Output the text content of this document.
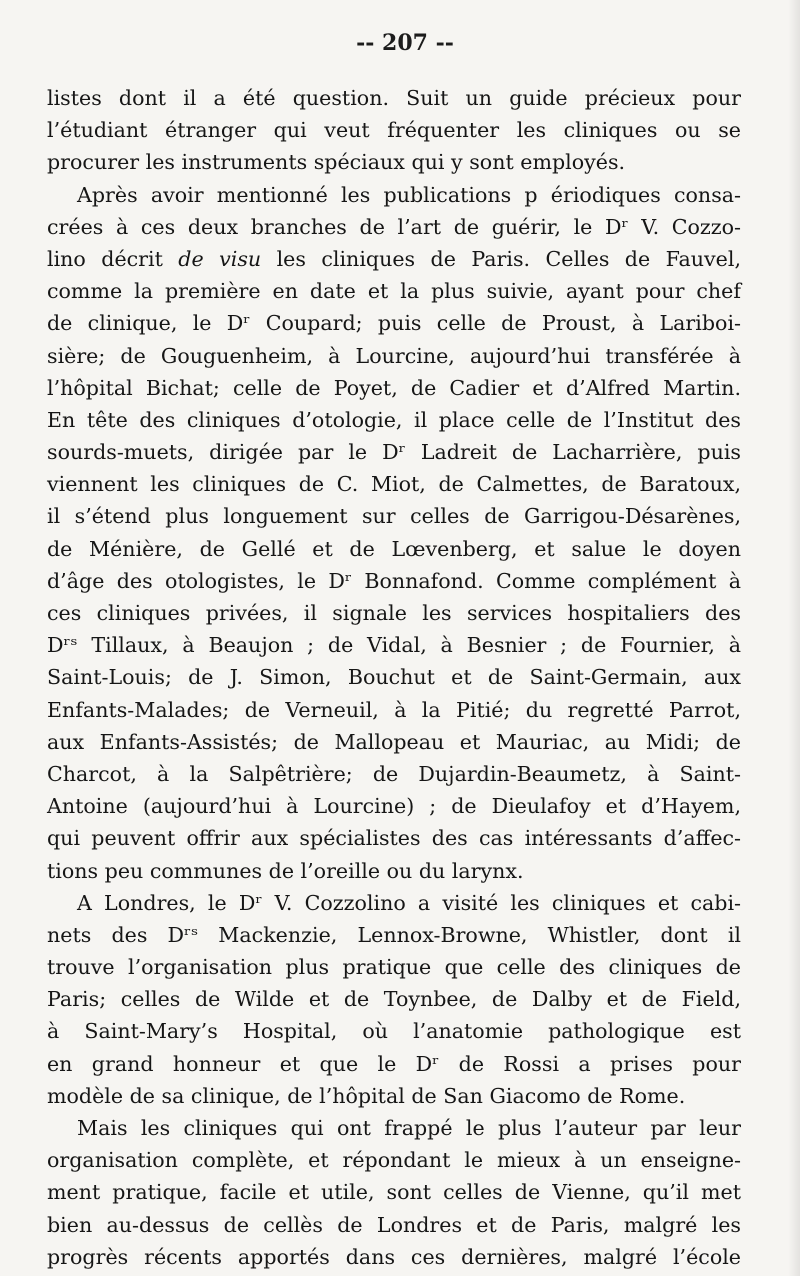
-- 207 --
listes dont il a été question. Suit un guide précieux pour
l’étudiant étranger qui veut fréquenter les cliniques ou se
procurer les instruments spéciaux qui y sont employés.
Après avoir mentionné les publications p ériodiques consa-
crées à ces deux branches de l’art de guérir, le Dʳ V. Cozzo-
lino décrit de visu les cliniques de Paris. Celles de Fauvel,
comme la première en date et la plus suivie, ayant pour chef
de clinique, le Dʳ Coupard; puis celle de Proust, à Lariboi-
sière; de Gouguenheim, à Lourcine, aujourd’hui transférée à
l’hôpital Bichat; celle de Poyet, de Cadier et d’Alfred Martin.
En tête des cliniques d’otologie, il place celle de l’Institut des
sourds-muets, dirigée par le Dʳ Ladreit de Lacharrière, puis
viennent les cliniques de C. Miot, de Calmettes, de Baratoux,
il s’étend plus longuement sur celles de Garrigou-Désarènes,
de Ménière, de Gellé et de Lœvenberg, et salue le doyen
d’âge des otologistes, le Dʳ Bonnafond. Comme complément à
ces cliniques privées, il signale les services hospitaliers des
Dʳˢ Tillaux, à Beaujon ; de Vidal, à Besnier ; de Fournier, à
Saint-Louis; de J. Simon, Bouchut et de Saint-Germain, aux
Enfants-Malades; de Verneuil, à la Pitié; du regretté Parrot,
aux Enfants-Assistés; de Mallopeau et Mauriac, au Midi; de
Charcot, à la Salpêtrière; de Dujardin-Beaumetz, à Saint-
Antoine (aujourd’hui à Lourcine) ; de Dieulafoy et d’Hayem,
qui peuvent offrir aux spécialistes des cas intéressants d’affec-
tions peu communes de l’oreille ou du larynx.
A Londres, le Dʳ V. Cozzolino a visité les cliniques et cabi-
nets des Dʳˢ Mackenzie, Lennox-Browne, Whistler, dont il
trouve l’organisation plus pratique que celle des cliniques de
Paris; celles de Wilde et de Toynbee, de Dalby et de Field,
à Saint-Mary’s Hospital, où l’anatomie pathologique est
en grand honneur et que le Dʳ de Rossi a prises pour
modèle de sa clinique, de l’hôpital de San Giacomo de Rome.
Mais les cliniques qui ont frappé le plus l’auteur par leur
organisation complète, et répondant le mieux à un enseigne-
ment pratique, facile et utile, sont celles de Vienne, qu’il met
bien au-dessus de cellès de Londres et de Paris, malgré les
progrès récents apportés dans ces dernières, malgré l’école
